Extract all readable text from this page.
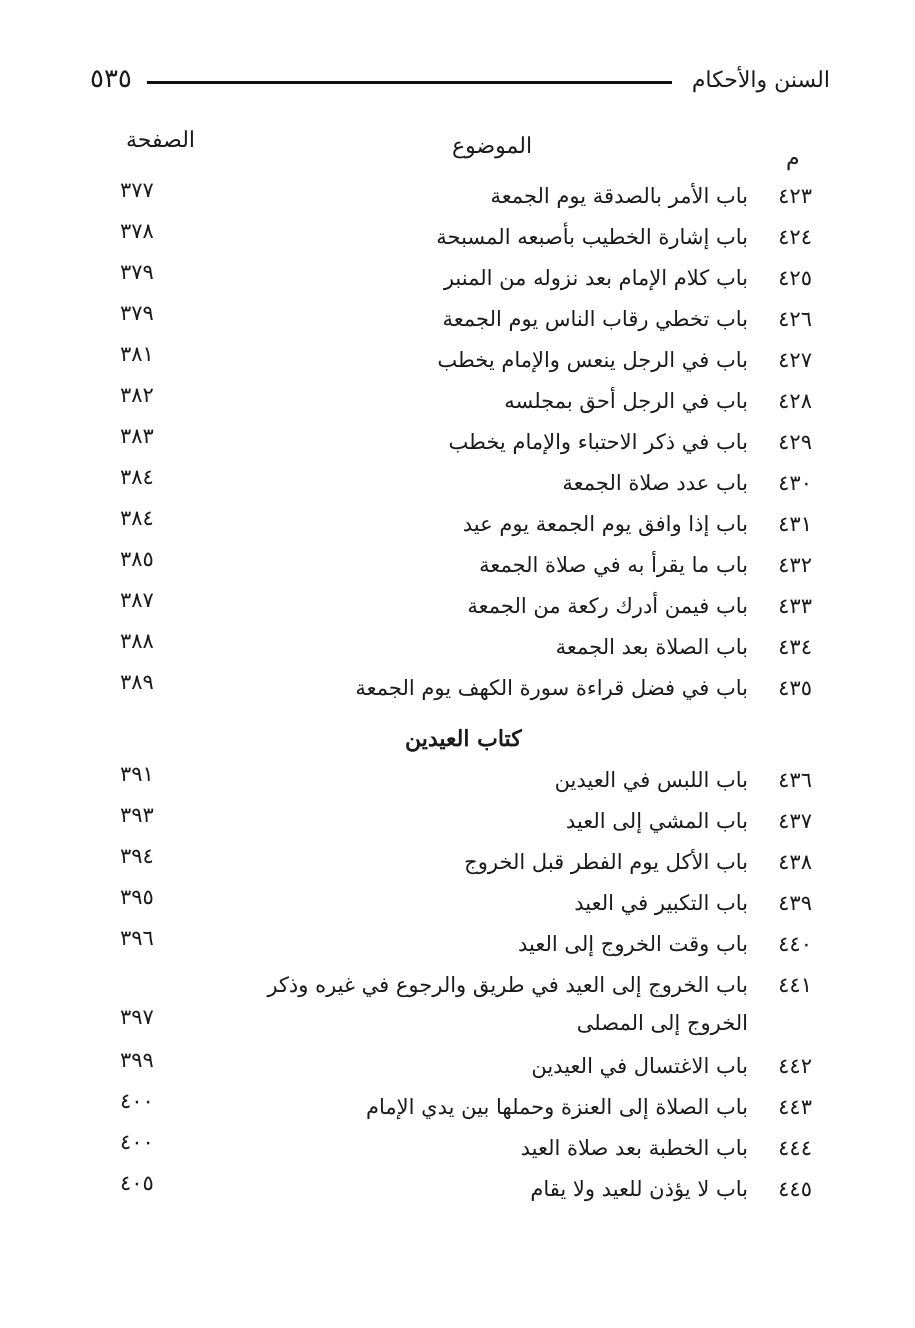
السنن والأحكام
٥٣٥
الصفحة	الموضوع	م
٤٢٣
باب الأمر بالصدقة يوم الجمعة
٣٧٧
٤٢٤
باب إشارة الخطيب بأصبعه المسبحة
٣٧٨
٤٢٥
باب كلام الإمام بعد نزوله من المنبر
٣٧٩
٤٢٦
باب تخطي رقاب الناس يوم الجمعة
٣٧٩
٤٢٧
باب في الرجل ينعس والإمام يخطب
٣٨١
٤٢٨
باب في الرجل أحق بمجلسه
٣٨٢
٤٢٩
باب في ذكر الاحتباء والإمام يخطب
٣٨٣
٤٣٠
باب عدد صلاة الجمعة
٣٨٤
٤٣١
باب إذا وافق يوم الجمعة يوم عيد
٣٨٤
٤٣٢
باب ما يقرأ به في صلاة الجمعة
٣٨٥
٤٣٣
باب فيمن أدرك ركعة من الجمعة
٣٨٧
٤٣٤
باب الصلاة بعد الجمعة
٣٨٨
٤٣٥
باب في فضل قراءة سورة الكهف يوم الجمعة
٣٨٩
كتاب العيدين
٤٣٦
باب اللبس في العيدين
٣٩١
٤٣٧
باب المشي إلى العيد
٣٩٣
٤٣٨
باب الأكل يوم الفطر قبل الخروج
٣٩٤
٤٣٩
باب التكبير في العيد
٣٩٥
٤٤٠
باب وقت الخروج إلى العيد
٣٩٦
٤٤١
باب الخروج إلى العيد في طريق والرجوع في غيره وذكر
الخروج إلى المصلى
٣٩٧
٤٤٢
باب الاغتسال في العيدين
٣٩٩
٤٤٣
باب الصلاة إلى العنزة وحملها بين يدي الإمام
٤٠٠
٤٤٤
باب الخطبة بعد صلاة العيد
٤٠٠
٤٤٥
باب لا يؤذن للعيد ولا يقام
٤٠٥
